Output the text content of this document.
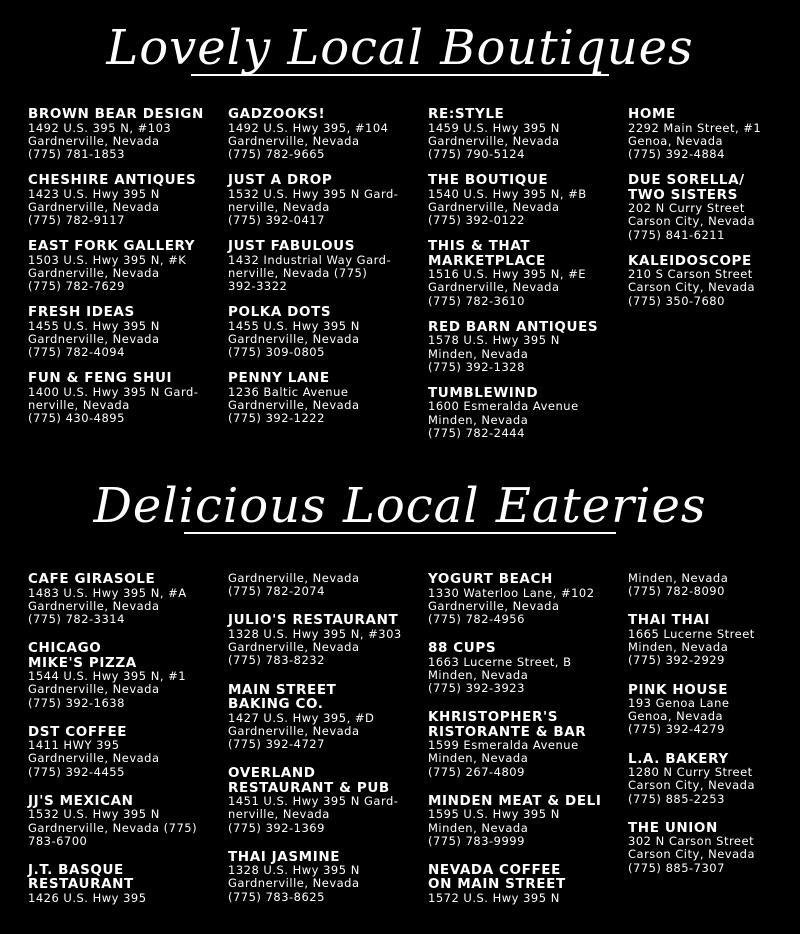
Lovely Local Boutiques
BROWN BEAR DESIGN
1492 U.S. 395 N, #103
Gardnerville, Nevada
(775) 781-1853
CHESHIRE ANTIQUES
1423 U.S. Hwy 395 N
Gardnerville, Nevada
(775) 782-9117
EAST FORK GALLERY
1503 U.S. Hwy 395 N, #K
Gardnerville, Nevada
(775) 782-7629
FRESH IDEAS
1455 U.S. Hwy 395 N
Gardnerville, Nevada
(775) 782-4094
FUN & FENG SHUI
1400 U.S. Hwy 395 N Gard-
nerville, Nevada
(775) 430-4895
GADZOOKS!
1492 U.S. Hwy 395, #104
Gardnerville, Nevada
(775) 782-9665
JUST A DROP
1532 U.S. Hwy 395 N Gard-
nerville, Nevada
(775) 392-0417
JUST FABULOUS
1432 Industrial Way Gard-
nerville, Nevada (775)
392-3322
POLKA DOTS
1455 U.S. Hwy 395 N
Gardnerville, Nevada
(775) 309-0805
PENNY LANE
1236 Baltic Avenue
Gardnerville, Nevada
(775) 392-1222
RE:STYLE
1459 U.S. Hwy 395 N
Gardnerville, Nevada
(775) 790-5124
THE BOUTIQUE
1540 U.S. Hwy 395 N, #B
Gardnerville, Nevada
(775) 392-0122
THIS & THAT
MARKETPLACE
1516 U.S. Hwy 395 N, #E
Gardnerville, Nevada
(775) 782-3610
RED BARN ANTIQUES
1578 U.S. Hwy 395 N
Minden, Nevada
(775) 392-1328
TUMBLEWIND
1600 Esmeralda Avenue
Minden, Nevada
(775) 782-2444
HOME
2292 Main Street, #1
Genoa, Nevada
(775) 392-4884
DUE SORELLA/
TWO SISTERS
202 N Curry Street
Carson City, Nevada
(775) 841-6211
KALEIDOSCOPE
210 S Carson Street
Carson City, Nevada
(775) 350-7680
Delicious Local Eateries
CAFE GIRASOLE
1483 U.S. Hwy 395 N, #A
Gardnerville, Nevada
(775) 782-3314
CHICAGO
MIKE'S PIZZA
1544 U.S. Hwy 395 N, #1
Gardnerville, Nevada
(775) 392-1638
DST COFFEE
1411 HWY 395
Gardnerville, Nevada
(775) 392-4455
JJ'S MEXICAN
1532 U.S. Hwy 395 N
Gardnerville, Nevada (775)
783-6700
J.T. BASQUE
RESTAURANT
1426 U.S. Hwy 395
Gardnerville, Nevada
(775) 782-2074
JULIO'S RESTAURANT
1328 U.S. Hwy 395 N, #303
Gardnerville, Nevada
(775) 783-8232
MAIN STREET
BAKING CO.
1427 U.S. Hwy 395, #D
Gardnerville, Nevada
(775) 392-4727
OVERLAND
RESTAURANT & PUB
1451 U.S. Hwy 395 N Gard-
nerville, Nevada
(775) 392-1369
THAI JASMINE
1328 U.S. Hwy 395 N
Gardnerville, Nevada
(775) 783-8625
YOGURT BEACH
1330 Waterloo Lane, #102
Gardnerville, Nevada
(775) 782-4956
88 CUPS
1663 Lucerne Street, B
Minden, Nevada
(775) 392-3923
KHRISTOPHER'S
RISTORANTE & BAR
1599 Esmeralda Avenue
Minden, Nevada
(775) 267-4809
MINDEN MEAT & DELI
1595 U.S. Hwy 395 N
Minden, Nevada
(775) 783-9999
NEVADA COFFEE
ON MAIN STREET
1572 U.S. Hwy 395 N
Minden, Nevada
(775) 782-8090
THAI THAI
1665 Lucerne Street
Minden, Nevada
(775) 392-2929
PINK HOUSE
193 Genoa Lane
Genoa, Nevada
(775) 392-4279
L.A. BAKERY
1280 N Curry Street
Carson City, Nevada
(775) 885-2253
THE UNION
302 N Carson Street
Carson City, Nevada
(775) 885-7307
